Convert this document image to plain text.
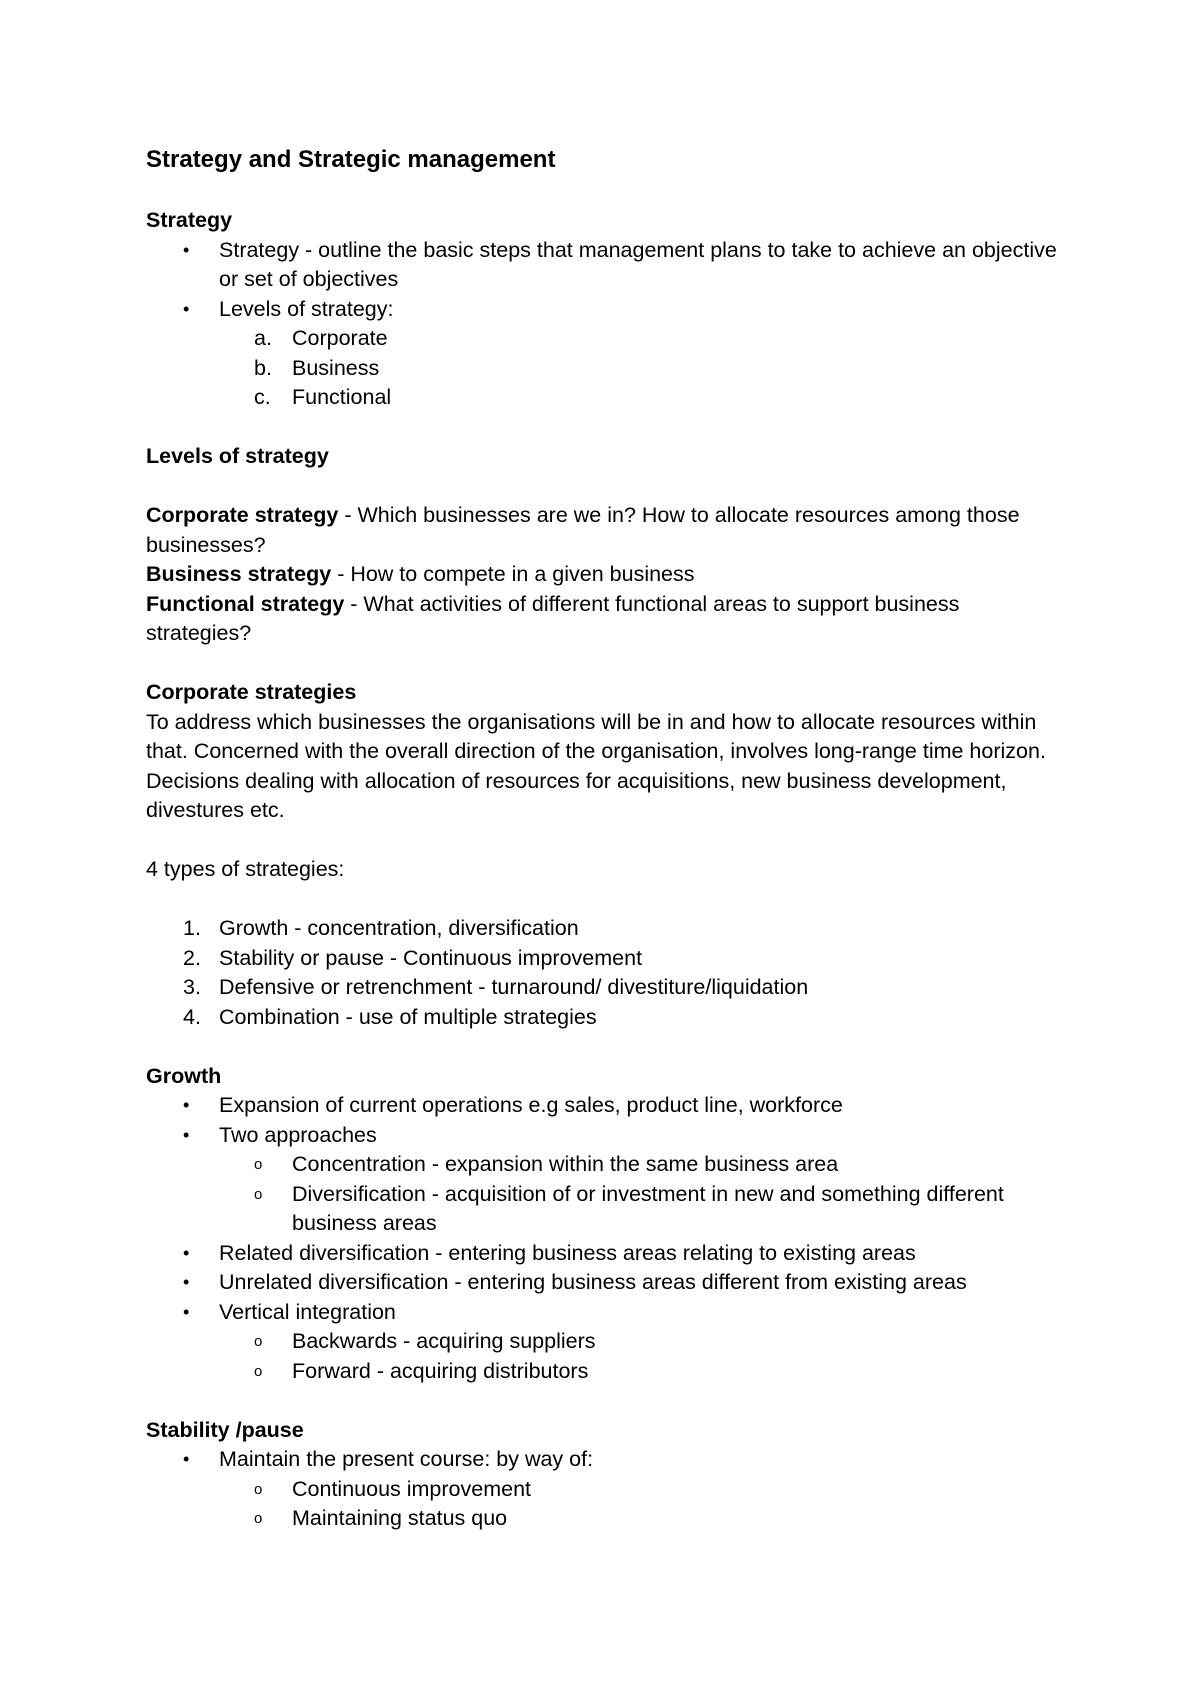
Strategy and Strategic management
Strategy
• Strategy - outline the basic steps that management plans to take to achieve an objective or set of objectives
• Levels of strategy:
a. Corporate
b. Business
c. Functional
Levels of strategy
Corporate strategy - Which businesses are we in? How to allocate resources among those businesses?
Business strategy - How to compete in a given business
Functional strategy - What activities of different functional areas to support business strategies?
Corporate strategies
To address which businesses the organisations will be in and how to allocate resources within that. Concerned with the overall direction of the organisation, involves long-range time horizon. Decisions dealing with allocation of resources for acquisitions, new business development, divestures etc.
4 types of strategies:
1. Growth - concentration, diversification
2. Stability or pause - Continuous improvement
3. Defensive or retrenchment - turnaround/ divestiture/liquidation
4. Combination - use of multiple strategies
Growth
• Expansion of current operations e.g sales, product line, workforce
• Two approaches
o Concentration - expansion within the same business area
o Diversification - acquisition of or investment in new and something different business areas
• Related diversification - entering business areas relating to existing areas
• Unrelated diversification - entering business areas different from existing areas
• Vertical integration
o Backwards - acquiring suppliers
o Forward - acquiring distributors
Stability /pause
• Maintain the present course: by way of:
o Continuous improvement
o Maintaining status quo
